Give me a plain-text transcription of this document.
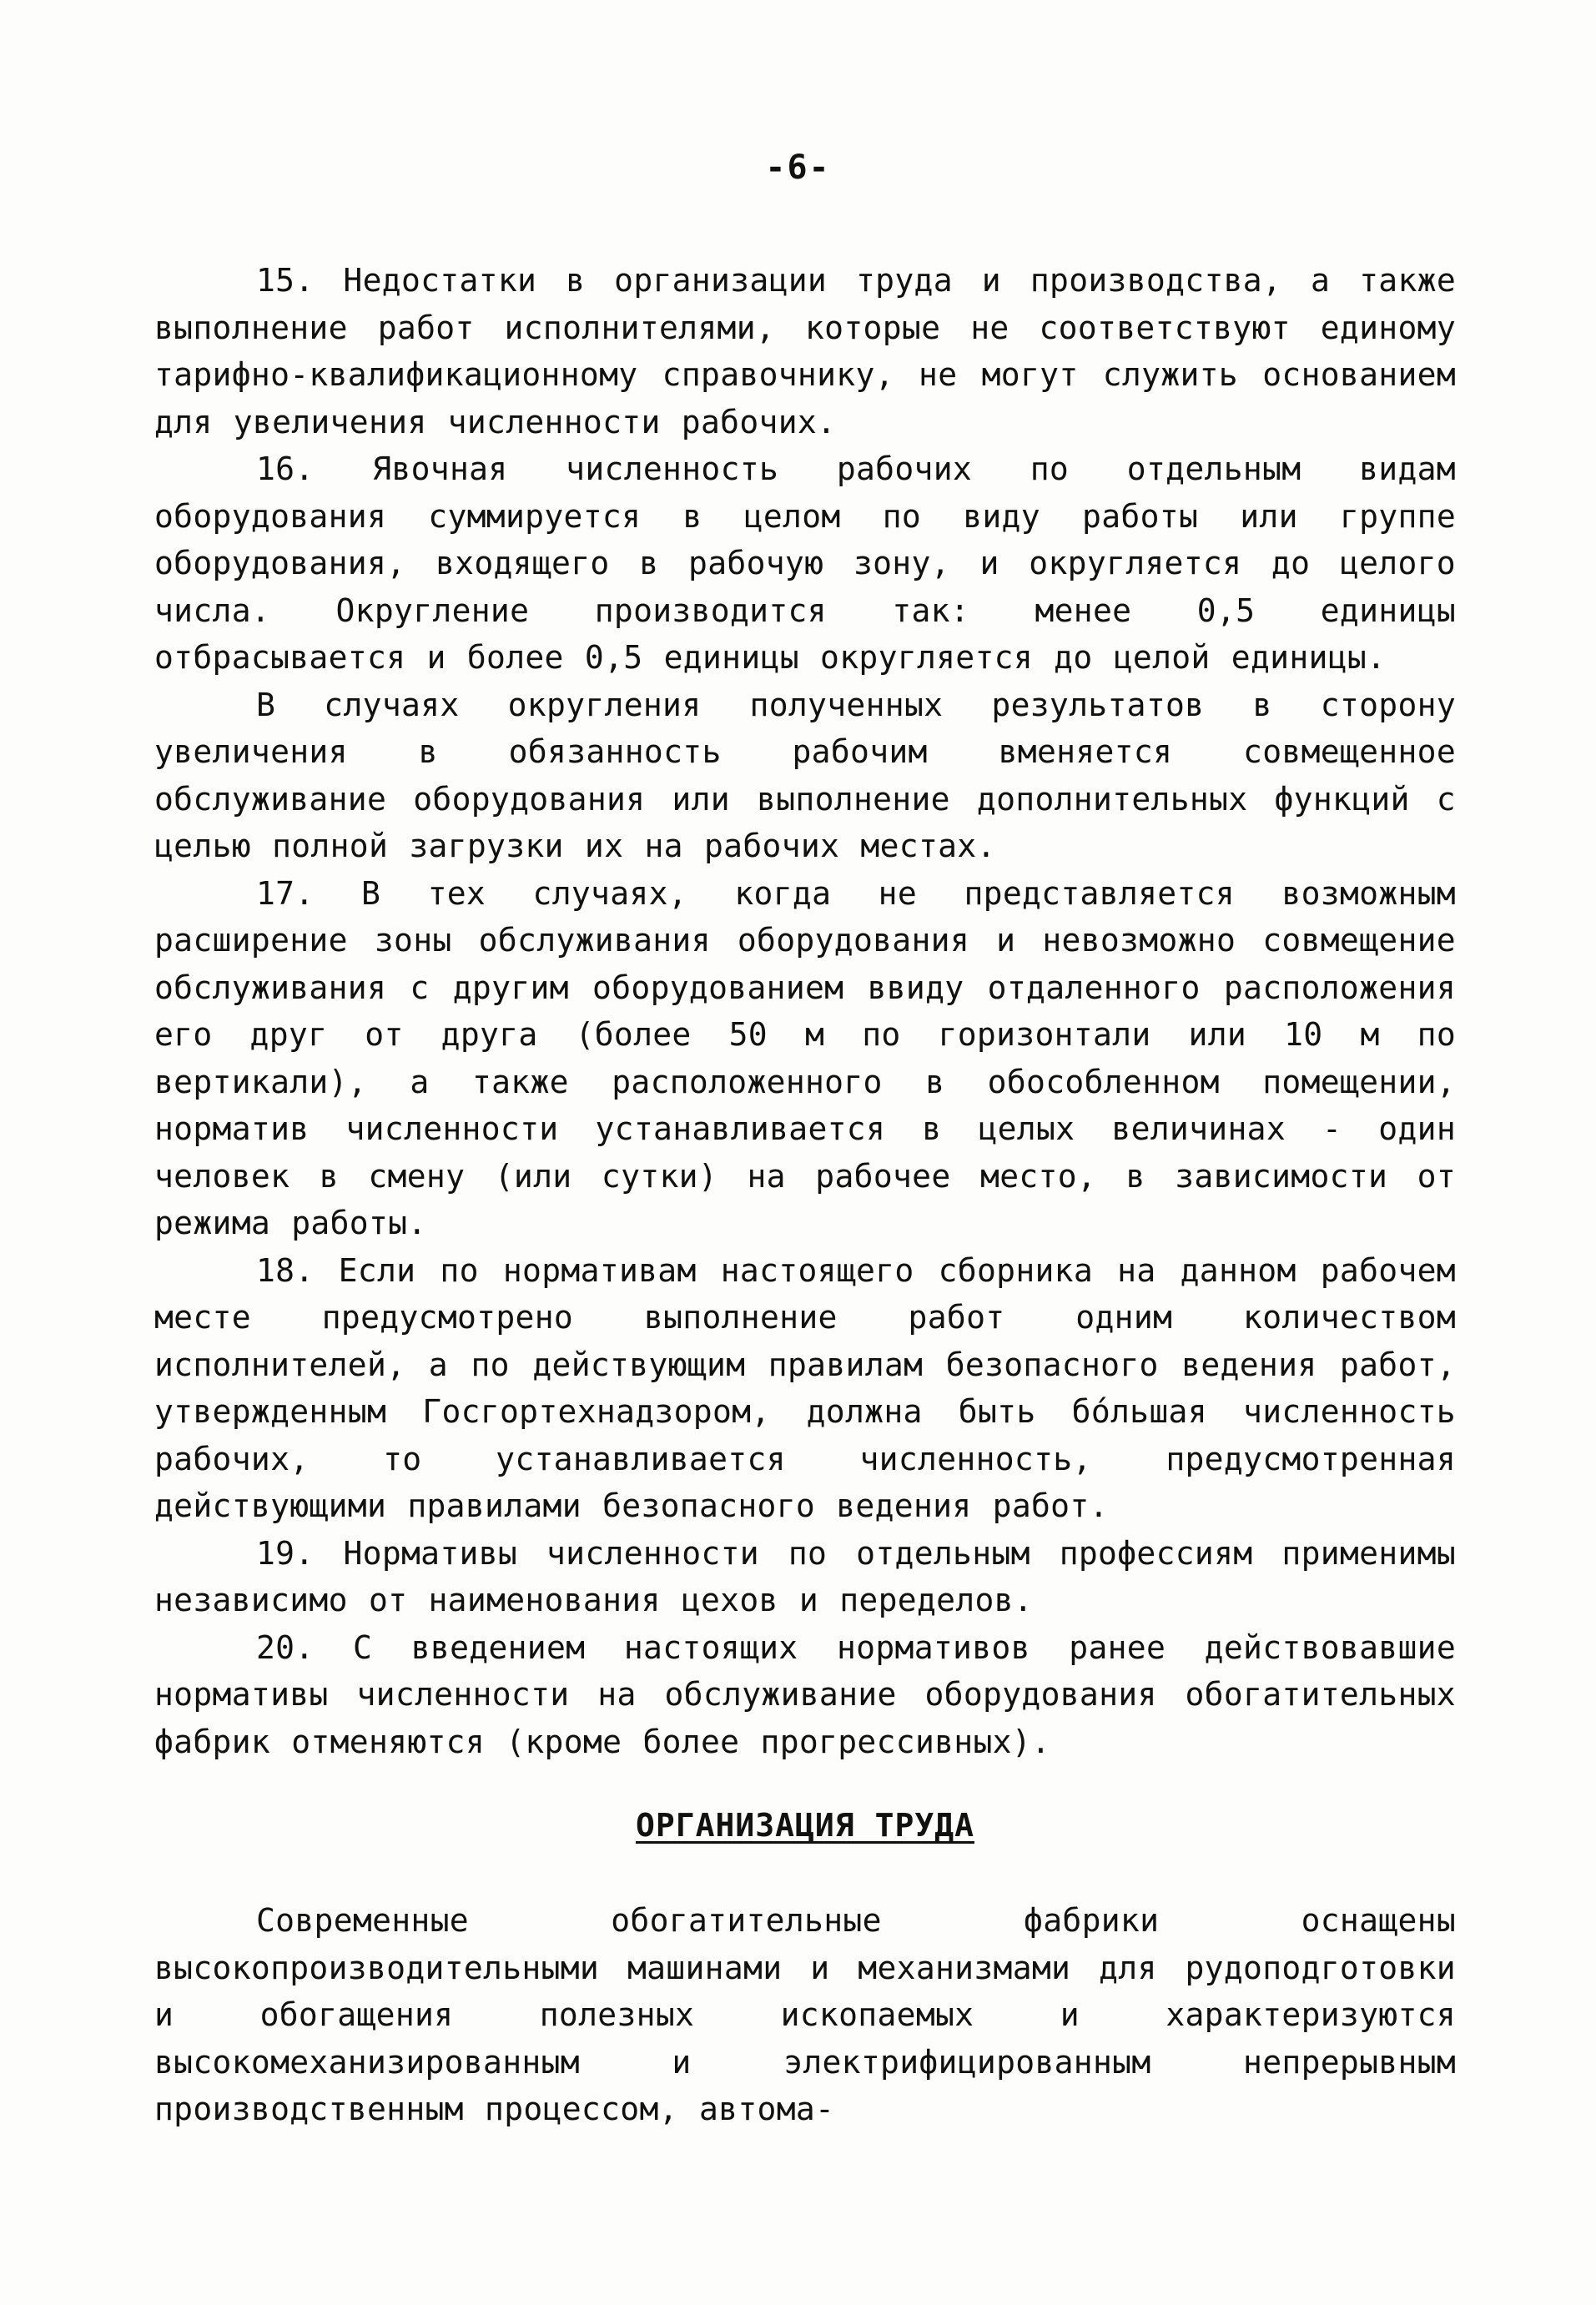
-6-

15. Недостатки в организации труда и производства, а также выполнение работ исполнителями, которые не соответствуют единому тарифно-квалификационному справочнику, не могут служить основанием для увеличения численности рабочих.

16. Явочная численность рабочих по отдельным видам оборудования суммируется в целом по виду работы или группе оборудования, входящего в рабочую зону, и округляется до целого числа. Округление производится так: менее 0,5 единицы отбрасывается и более 0,5 единицы округляется до целой единицы.

В случаях округления полученных результатов в сторону увеличения в обязанность рабочим вменяется совмещенное обслуживание оборудования или выполнение дополнительных функций с целью полной загрузки их на рабочих местах.

17. В тех случаях, когда не представляется возможным расширение зоны обслуживания оборудования и невозможно совмещение обслуживания с другим оборудованием ввиду отдаленного расположения его друг от друга (более 50 м по горизонтали или 10 м по вертикали), а также расположенного в обособленном помещении, норматив численности устанавливается в целых величинах - один человек в смену (или сутки) на рабочее место, в зависимости от режима работы.

18. Если по нормативам настоящего сборника на данном рабочем месте предусмотрено выполнение работ одним количеством исполнителей, а по действующим правилам безопасного ведения работ, утвержденным Госгортехнадзором, должна быть бо́льшая численность рабочих, то устанавливается численность, предусмотренная действующими правилами безопасного ведения работ.

19. Нормативы численности по отдельным профессиям применимы независимо от наименования цехов и переделов.

20. С введением настоящих нормативов ранее действовавшие нормативы численности на обслуживание оборудования обогатительных фабрик отменяются (кроме более прогрессивных).

ОРГАНИЗАЦИЯ ТРУДА

Современные обогатительные фабрики оснащены высокопроизводительными машинами и механизмами для рудоподготовки и обогащения полезных ископаемых и характеризуются высокомеханизированным и электрифицированным непрерывным производственным процессом, автома-
